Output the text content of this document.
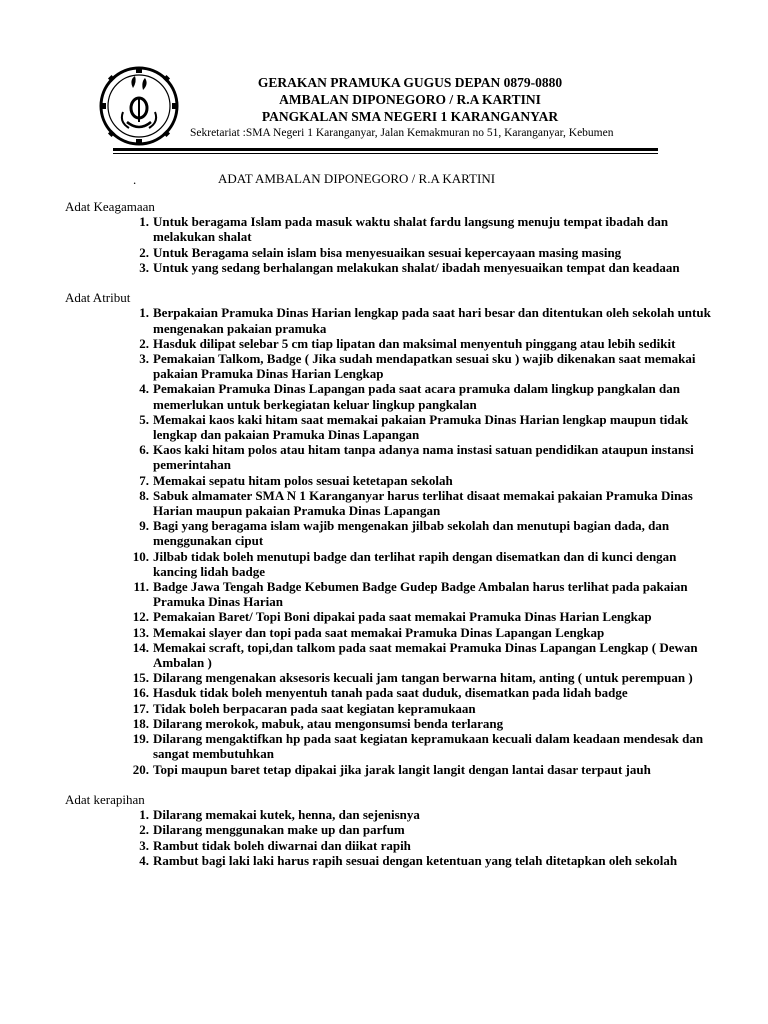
GERAKAN PRAMUKA GUGUS DEPAN 0879-0880
AMBALAN DIPONEGORO / R.A KARTINI
PANGKALAN SMA NEGERI 1 KARANGANYAR
Sekretariat :SMA Negeri 1 Karanganyar, Jalan Kemakmuran no 51, Karanganyar, Kebumen
.	ADAT AMBALAN DIPONEGORO / R.A KARTINI
Adat Keagamaan
1. Untuk beragama Islam pada masuk waktu shalat fardu langsung menuju tempat ibadah dan melakukan shalat
2. Untuk Beragama selain islam bisa menyesuaikan sesuai kepercayaan masing masing
3. Untuk yang sedang berhalangan melakukan shalat/ ibadah menyesuaikan tempat dan keadaan
Adat Atribut
1. Berpakaian Pramuka Dinas Harian lengkap pada saat hari besar dan ditentukan oleh sekolah untuk mengenakan pakaian pramuka
2. Hasduk dilipat selebar 5 cm tiap lipatan dan maksimal menyentuh pinggang atau lebih sedikit
3. Pemakaian Talkom, Badge ( Jika sudah mendapatkan sesuai sku ) wajib dikenakan saat memakai pakaian Pramuka Dinas Harian Lengkap
4. Pemakaian Pramuka Dinas Lapangan pada saat acara pramuka dalam lingkup pangkalan dan memerlukan untuk berkegiatan keluar lingkup pangkalan
5. Memakai kaos kaki hitam saat memakai pakaian Pramuka Dinas Harian lengkap maupun tidak lengkap dan pakaian Pramuka Dinas Lapangan
6. Kaos kaki hitam polos atau hitam tanpa adanya nama instasi satuan pendidikan ataupun instansi pemerintahan
7. Memakai sepatu hitam polos sesuai ketetapan sekolah
8. Sabuk almamater SMA N 1 Karanganyar harus terlihat disaat memakai pakaian Pramuka Dinas Harian maupun pakaian Pramuka Dinas Lapangan
9. Bagi yang beragama islam wajib mengenakan jilbab sekolah dan menutupi bagian dada, dan menggunakan ciput
10. Jilbab tidak boleh menutupi badge dan terlihat rapih dengan disematkan dan di kunci dengan kancing lidah badge
11. Badge Jawa Tengah Badge Kebumen Badge Gudep Badge Ambalan harus terlihat pada pakaian Pramuka Dinas Harian
12. Pemakaian Baret/ Topi Boni dipakai pada saat memakai Pramuka Dinas Harian Lengkap
13. Memakai slayer dan topi pada saat memakai Pramuka Dinas Lapangan Lengkap
14. Memakai scraft, topi,dan talkom pada saat memakai Pramuka Dinas Lapangan Lengkap ( Dewan Ambalan )
15. Dilarang mengenakan aksesoris kecuali jam tangan berwarna hitam, anting ( untuk perempuan )
16. Hasduk tidak boleh menyentuh tanah pada saat duduk, disematkan pada lidah badge
17. Tidak boleh berpacaran pada saat kegiatan kepramukaan
18. Dilarang merokok, mabuk, atau mengonsumsi benda terlarang
19. Dilarang mengaktifkan hp pada saat kegiatan kepramukaan kecuali dalam keadaan mendesak dan sangat membutuhkan
20. Topi maupun baret tetap dipakai jika jarak langit langit dengan lantai dasar terpaut jauh
Adat kerapihan
1. Dilarang memakai kutek, henna, dan sejenisnya
2. Dilarang menggunakan make up dan parfum
3. Rambut tidak boleh diwarnai dan diikat rapih
4. Rambut bagi laki laki harus rapih sesuai dengan ketentuan yang telah ditetapkan oleh sekolah
